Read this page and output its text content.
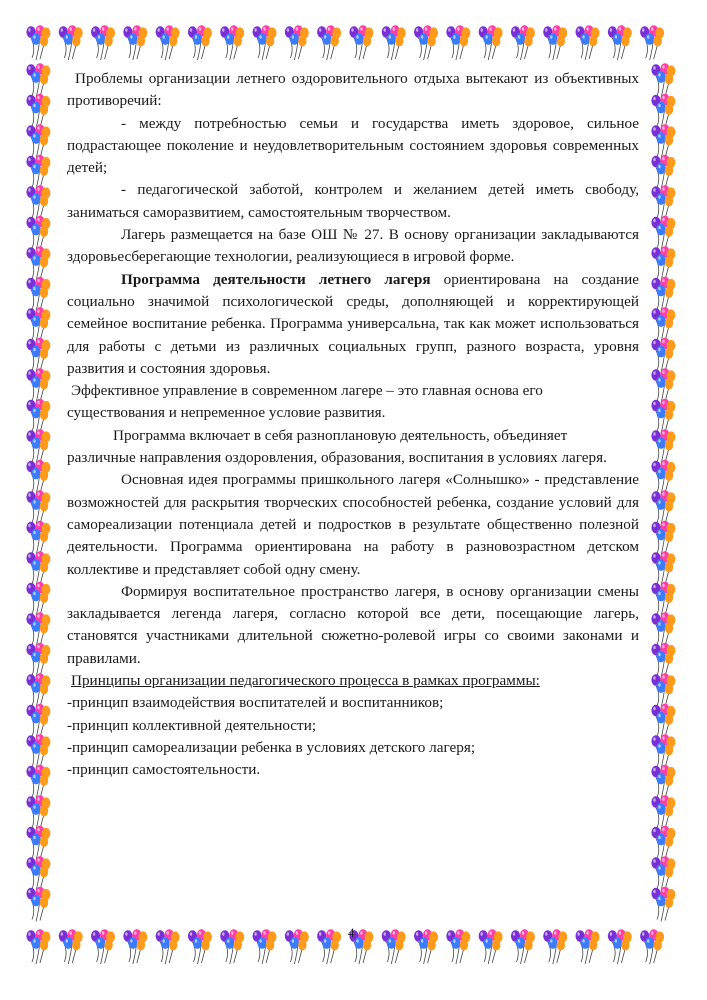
Проблемы организации летнего оздоровительного отдыха вытекают из объективных противоречий:

- между потребностью семьи и государства иметь здоровое, сильное подрастающее поколение и неудовлетворительным состоянием здоровья современных детей;

- педагогической заботой, контролем и желанием детей иметь свободу, заниматься саморазвитием, самостоятельным творчеством.

Лагерь размещается на базе ОШ № 27. В основу организации закладываются здоровьесберегающие технологии, реализующиеся в игровой форме.

Программа деятельности летнего лагеря ориентирована на создание социально значимой психологической среды, дополняющей и корректирующей семейное воспитание ребенка. Программа универсальна, так как может использоваться для работы с детьми из различных социальных групп, разного возраста, уровня развития и состояния здоровья.

Эффективное управление в современном лагере – это главная основа его существования и непременное условие развития.

Программа включает в себя разноплановую деятельность, объединяет различные направления оздоровления, образования, воспитания в условиях лагеря.

Основная идея программы пришкольного лагеря «Солнышко» - представление возможностей для раскрытия творческих способностей ребенка, создание условий для самореализации потенциала детей и подростков в результате общественно полезной деятельности. Программа ориентирована на работу в разновозрастном детском коллективе и представляет собой одну смену.

Формируя воспитательное пространство лагеря, в основу организации смены закладывается легенда лагеря, согласно которой все дети, посещающие лагерь, становятся участниками длительной сюжетно-ролевой игры со своими законами и правилами.

Принципы организации педагогического процесса в рамках программы:

-принцип взаимодействия воспитателей и воспитанников;

-принцип коллективной деятельности;

-принцип самореализации ребенка в условиях детского лагеря;

-принцип самостоятельности.

4
